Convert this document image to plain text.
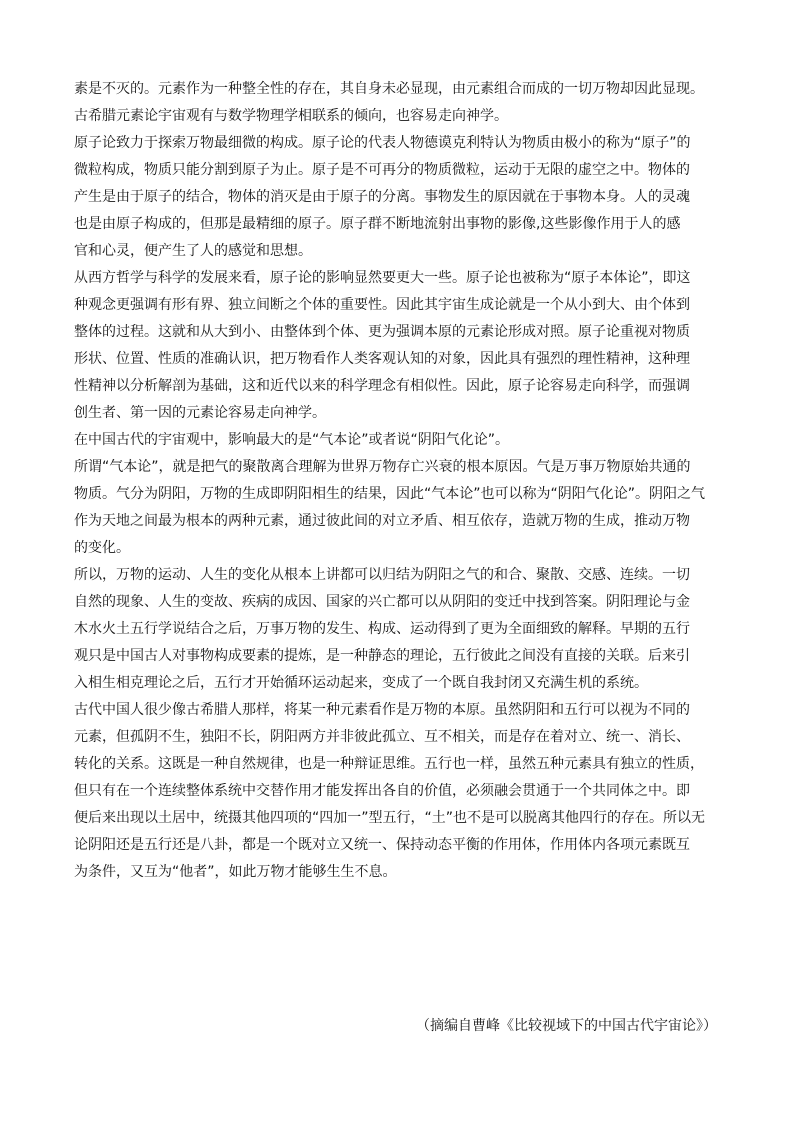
素是不灭的。元素作为一种整全性的存在，其自身未必显现，由元素组合而成的一切万物却因此显现。
古希腊元素论宇宙观有与数学物理学相联系的倾向，也容易走向神学。
原子论致力于探索万物最细微的构成。原子论的代表人物德谟克利特认为物质由极小的称为“原子”的
微粒构成，物质只能分割到原子为止。原子是不可再分的物质微粒，运动于无限的虚空之中。物体的
产生是由于原子的结合，物体的消灭是由于原子的分离。事物发生的原因就在于事物本身。人的灵魂
也是由原子构成的，但那是最精细的原子。原子群不断地流射出事物的影像,这些影像作用于人的感
官和心灵，便产生了人的感觉和思想。
从西方哲学与科学的发展来看，原子论的影响显然要更大一些。原子论也被称为“原子本体论”，即这
种观念更强调有形有界、独立间断之个体的重要性。因此其宇宙生成论就是一个从小到大、由个体到
整体的过程。这就和从大到小、由整体到个体、更为强调本原的元素论形成对照。原子论重视对物质
形状、位置、性质的准确认识，把万物看作人类客观认知的对象，因此具有强烈的理性精神，这种理
性精神以分析解剖为基础，这和近代以来的科学理念有相似性。因此，原子论容易走向科学，而强调
创生者、第一因的元素论容易走向神学。
在中国古代的宇宙观中，影响最大的是“气本论”或者说“阴阳气化论”。
所谓“气本论”，就是把气的聚散离合理解为世界万物存亡兴衰的根本原因。气是万事万物原始共通的
物质。气分为阴阳，万物的生成即阴阳相生的结果，因此“气本论”也可以称为“阴阳气化论”。阴阳之气
作为天地之间最为根本的两种元素，通过彼此间的对立矛盾、相互依存，造就万物的生成，推动万物
的变化。
所以，万物的运动、人生的变化从根本上讲都可以归结为阴阳之气的和合、聚散、交感、连续。一切
自然的现象、人生的变故、疾病的成因、国家的兴亡都可以从阴阳的变迁中找到答案。阴阳理论与金
木水火土五行学说结合之后，万事万物的发生、构成、运动得到了更为全面细致的解释。早期的五行
观只是中国古人对事物构成要素的提炼，是一种静态的理论，五行彼此之间没有直接的关联。后来引
入相生相克理论之后，五行才开始循环运动起来，变成了一个既自我封闭又充满生机的系统。
古代中国人很少像古希腊人那样，将某一种元素看作是万物的本原。虽然阴阳和五行可以视为不同的
元素，但孤阴不生，独阳不长，阴阳两方并非彼此孤立、互不相关，而是存在着对立、统一、消长、
转化的关系。这既是一种自然规律，也是一种辩证思维。五行也一样，虽然五种元素具有独立的性质，
但只有在一个连续整体系统中交替作用才能发挥出各自的价值，必须融会贯通于一个共同体之中。即
便后来出现以土居中，统摄其他四项的“四加一”型五行，“土”也不是可以脱离其他四行的存在。所以无
论阴阳还是五行还是八卦，都是一个既对立又统一、保持动态平衡的作用体，作用体内各项元素既互
为条件，又互为“他者”，如此万物才能够生生不息。
（摘编自曹峰《比较视域下的中国古代宇宙论》）
